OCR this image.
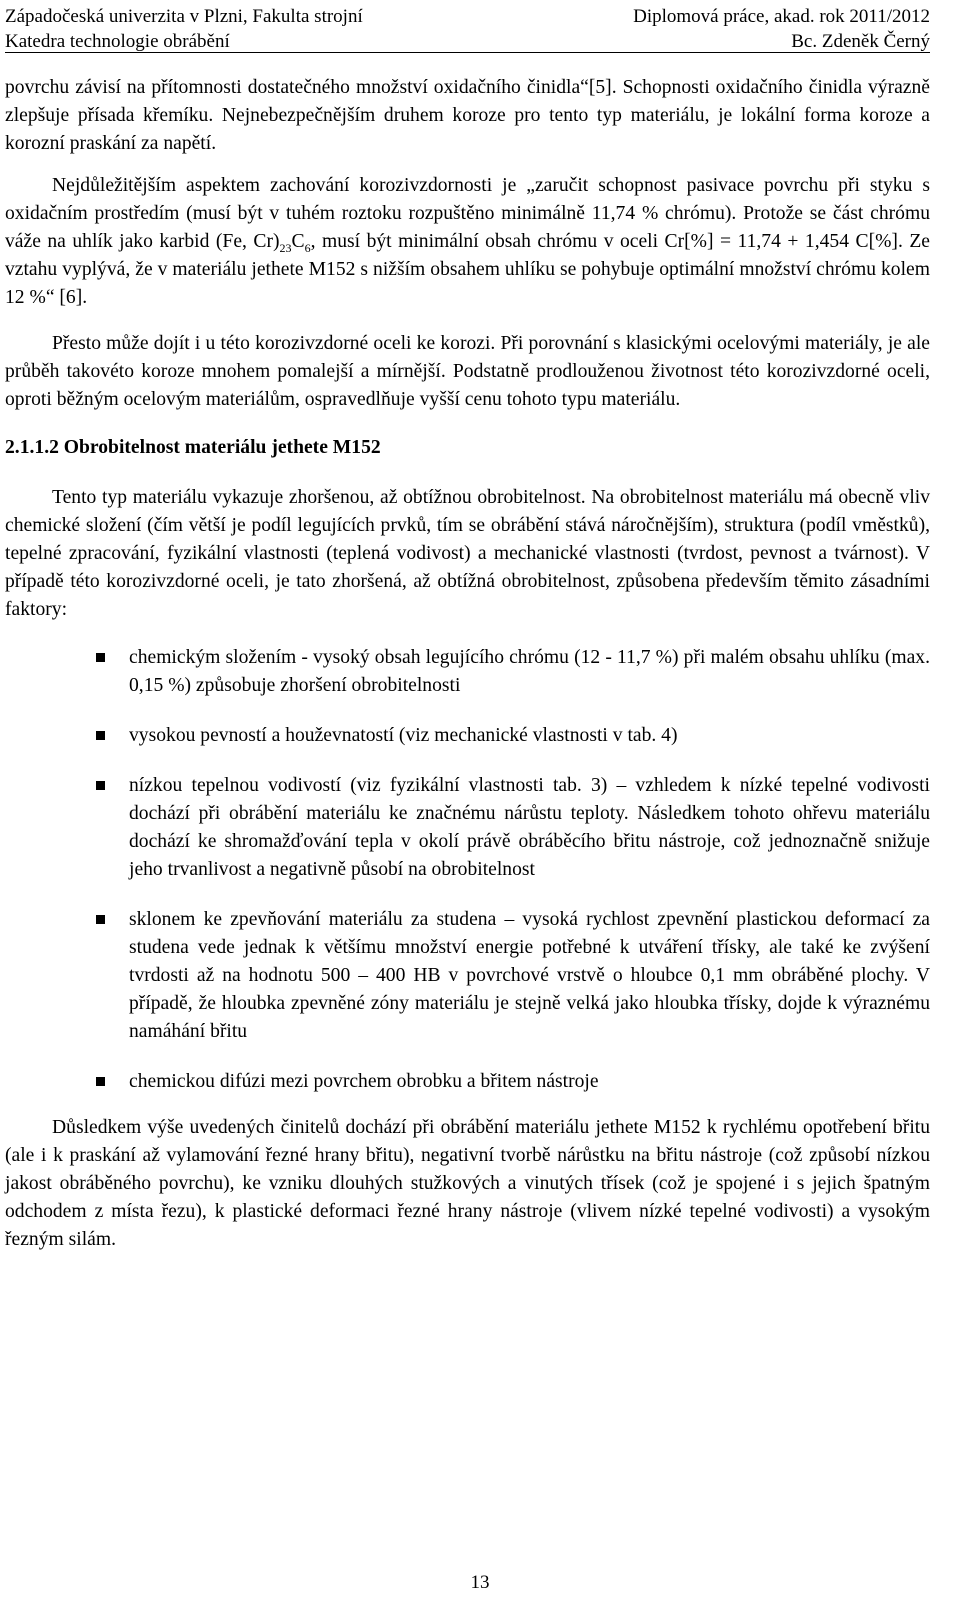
Západočeská univerzita v Plzni, Fakulta strojní	Diplomová práce, akad. rok 2011/2012
Katedra technologie obrábění	Bc. Zdeněk Černý

povrchu závisí na přítomnosti dostatečného množství oxidačního činidla“[5]. Schopnosti oxidačního činidla výrazně zlepšuje přísada křemíku. Nejnebezpečnějším druhem koroze pro tento typ materiálu, je lokální forma koroze a korozní praskání za napětí.

Nejdůležitějším aspektem zachování korozivzdornosti je „zaručit schopnost pasivace povrchu při styku s oxidačním prostředím (musí být v tuhém roztoku rozpuštěno minimálně 11,74 % chrómu). Protože se část chrómu váže na uhlík jako karbid (Fe, $Cr)_{23}C_6$, musí být minimální obsah chrómu v oceli Cr[%] = 11,74 + 1,454 C[%]. Ze vztahu vyplývá, že v materiálu jethete M152 s nižším obsahem uhlíku se pohybuje optimální množství chrómu kolem 12 %“ [6].

Přesto může dojít i u této korozivzdorné oceli ke korozi. Při porovnání s klasickými ocelovými materiály, je ale průběh takovéto koroze mnohem pomalejší a mírnější. Podstatně prodlouženou životnost této korozivzdorné oceli, oproti běžným ocelovým materiálům, ospravedlňuje vyšší cenu tohoto typu materiálu.

2.1.1.2 Obrobitelnost materiálu jethete M152

Tento typ materiálu vykazuje zhoršenou, až obtížnou obrobitelnost. Na obrobitelnost materiálu má obecně vliv chemické složení (čím větší je podíl legujících prvků, tím se obrábění stává náročnějším), struktura (podíl vměstků), tepelné zpracování, fyzikální vlastnosti (teplená vodivost) a mechanické vlastnosti (tvrdost, pevnost a tvárnost). V případě této korozivzdorné oceli, je tato zhoršená, až obtížná obrobitelnost, způsobena především těmito zásadními faktory:

chemickým složením - vysoký obsah legujícího chrómu (12 - 11,7 %) při malém obsahu uhlíku (max. 0,15 %) způsobuje zhoršení obrobitelnosti
vysokou pevností a houževnatostí (viz mechanické vlastnosti v tab. 4)
nízkou tepelnou vodivostí (viz fyzikální vlastnosti tab. 3) – vzhledem k nízké tepelné vodivosti dochází při obrábění materiálu ke značnému nárůstu teploty. Následkem tohoto ohřevu materiálu dochází ke shromažďování tepla v okolí právě obráběcího břitu nástroje, což jednoznačně snižuje jeho trvanlivost a negativně působí na obrobitelnost
sklonem ke zpevňování materiálu za studena – vysoká rychlost zpevnění plastickou deformací za studena vede jednak k většímu množství energie potřebné k utváření třísky, ale také ke zvýšení tvrdosti až na hodnotu 500 – 400 HB v povrchové vrstvě o hloubce 0,1 mm obráběné plochy. V případě, že hloubka zpevněné zóny materiálu je stejně velká jako hloubka třísky, dojde k výraznému namáhání břitu
chemickou difúzi mezi povrchem obrobku a břitem nástroje

Důsledkem výše uvedených činitelů dochází při obrábění materiálu jethete M152 k rychlému opotřebení břitu (ale i k praskání až vylamování řezné hrany břitu), negativní tvorbě nárůstku na břitu nástroje (což způsobí nízkou jakost obráběného povrchu), ke vzniku dlouhých stužkových a vinutých třísek (což je spojené i s jejich špatným odchodem z místa řezu), k plastické deformaci řezné hrany nástroje (vlivem nízké tepelné vodivosti) a vysokým řezným silám.

13
